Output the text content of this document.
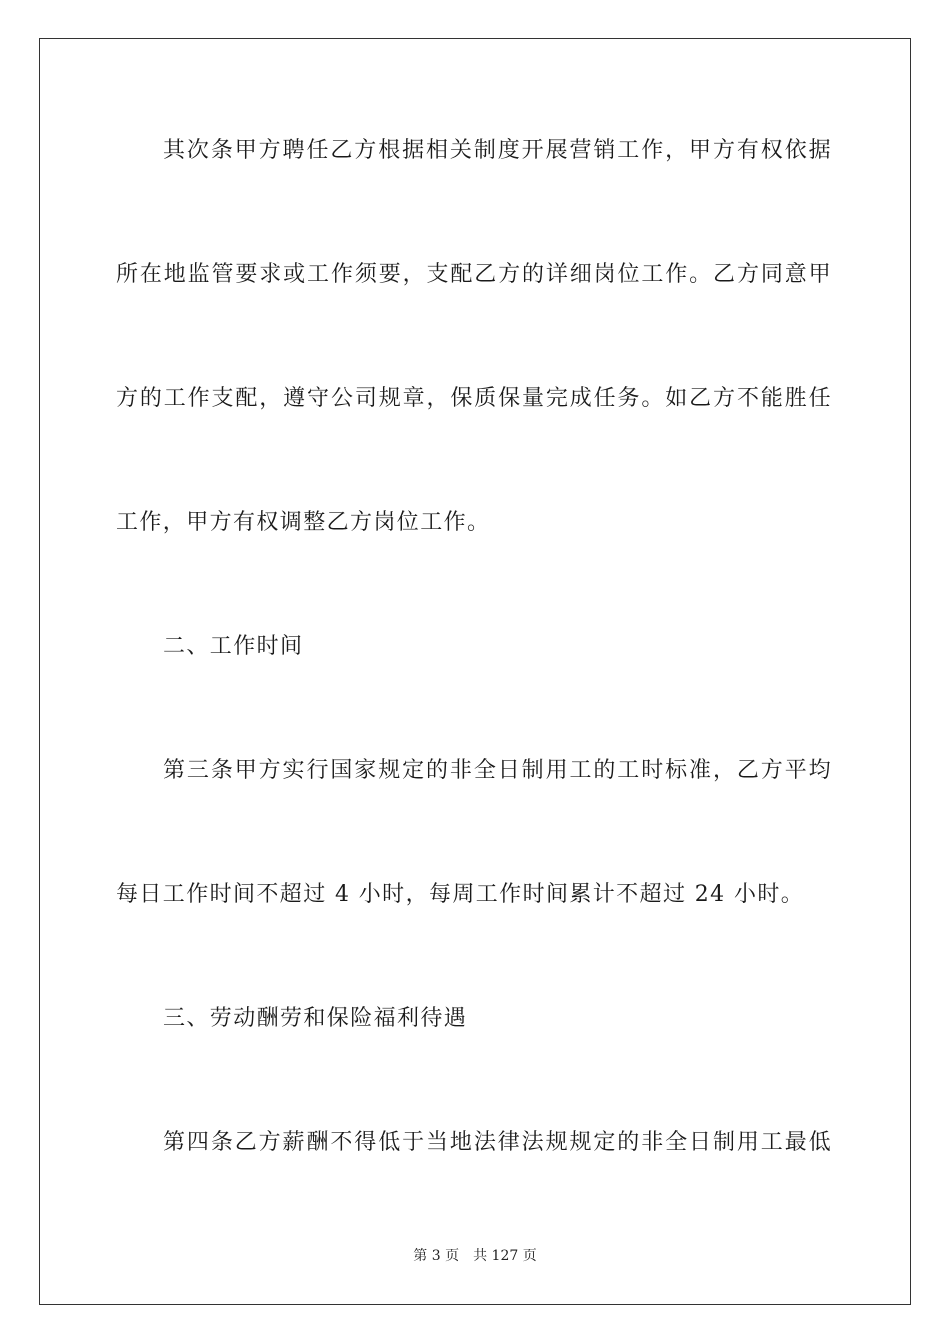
其次条甲方聘任乙方根据相关制度开展营销工作，甲方有权依据
所在地监管要求或工作须要，支配乙方的详细岗位工作。乙方同意甲
方的工作支配，遵守公司规章，保质保量完成任务。如乙方不能胜任
工作，甲方有权调整乙方岗位工作。
二、工作时间
第三条甲方实行国家规定的非全日制用工的工时标准，乙方平均
每日工作时间不超过 4 小时，每周工作时间累计不超过 24 小时。
三、劳动酬劳和保险福利待遇
第四条乙方薪酬不得低于当地法律法规规定的非全日制用工最低
第 3 页 共 127 页
